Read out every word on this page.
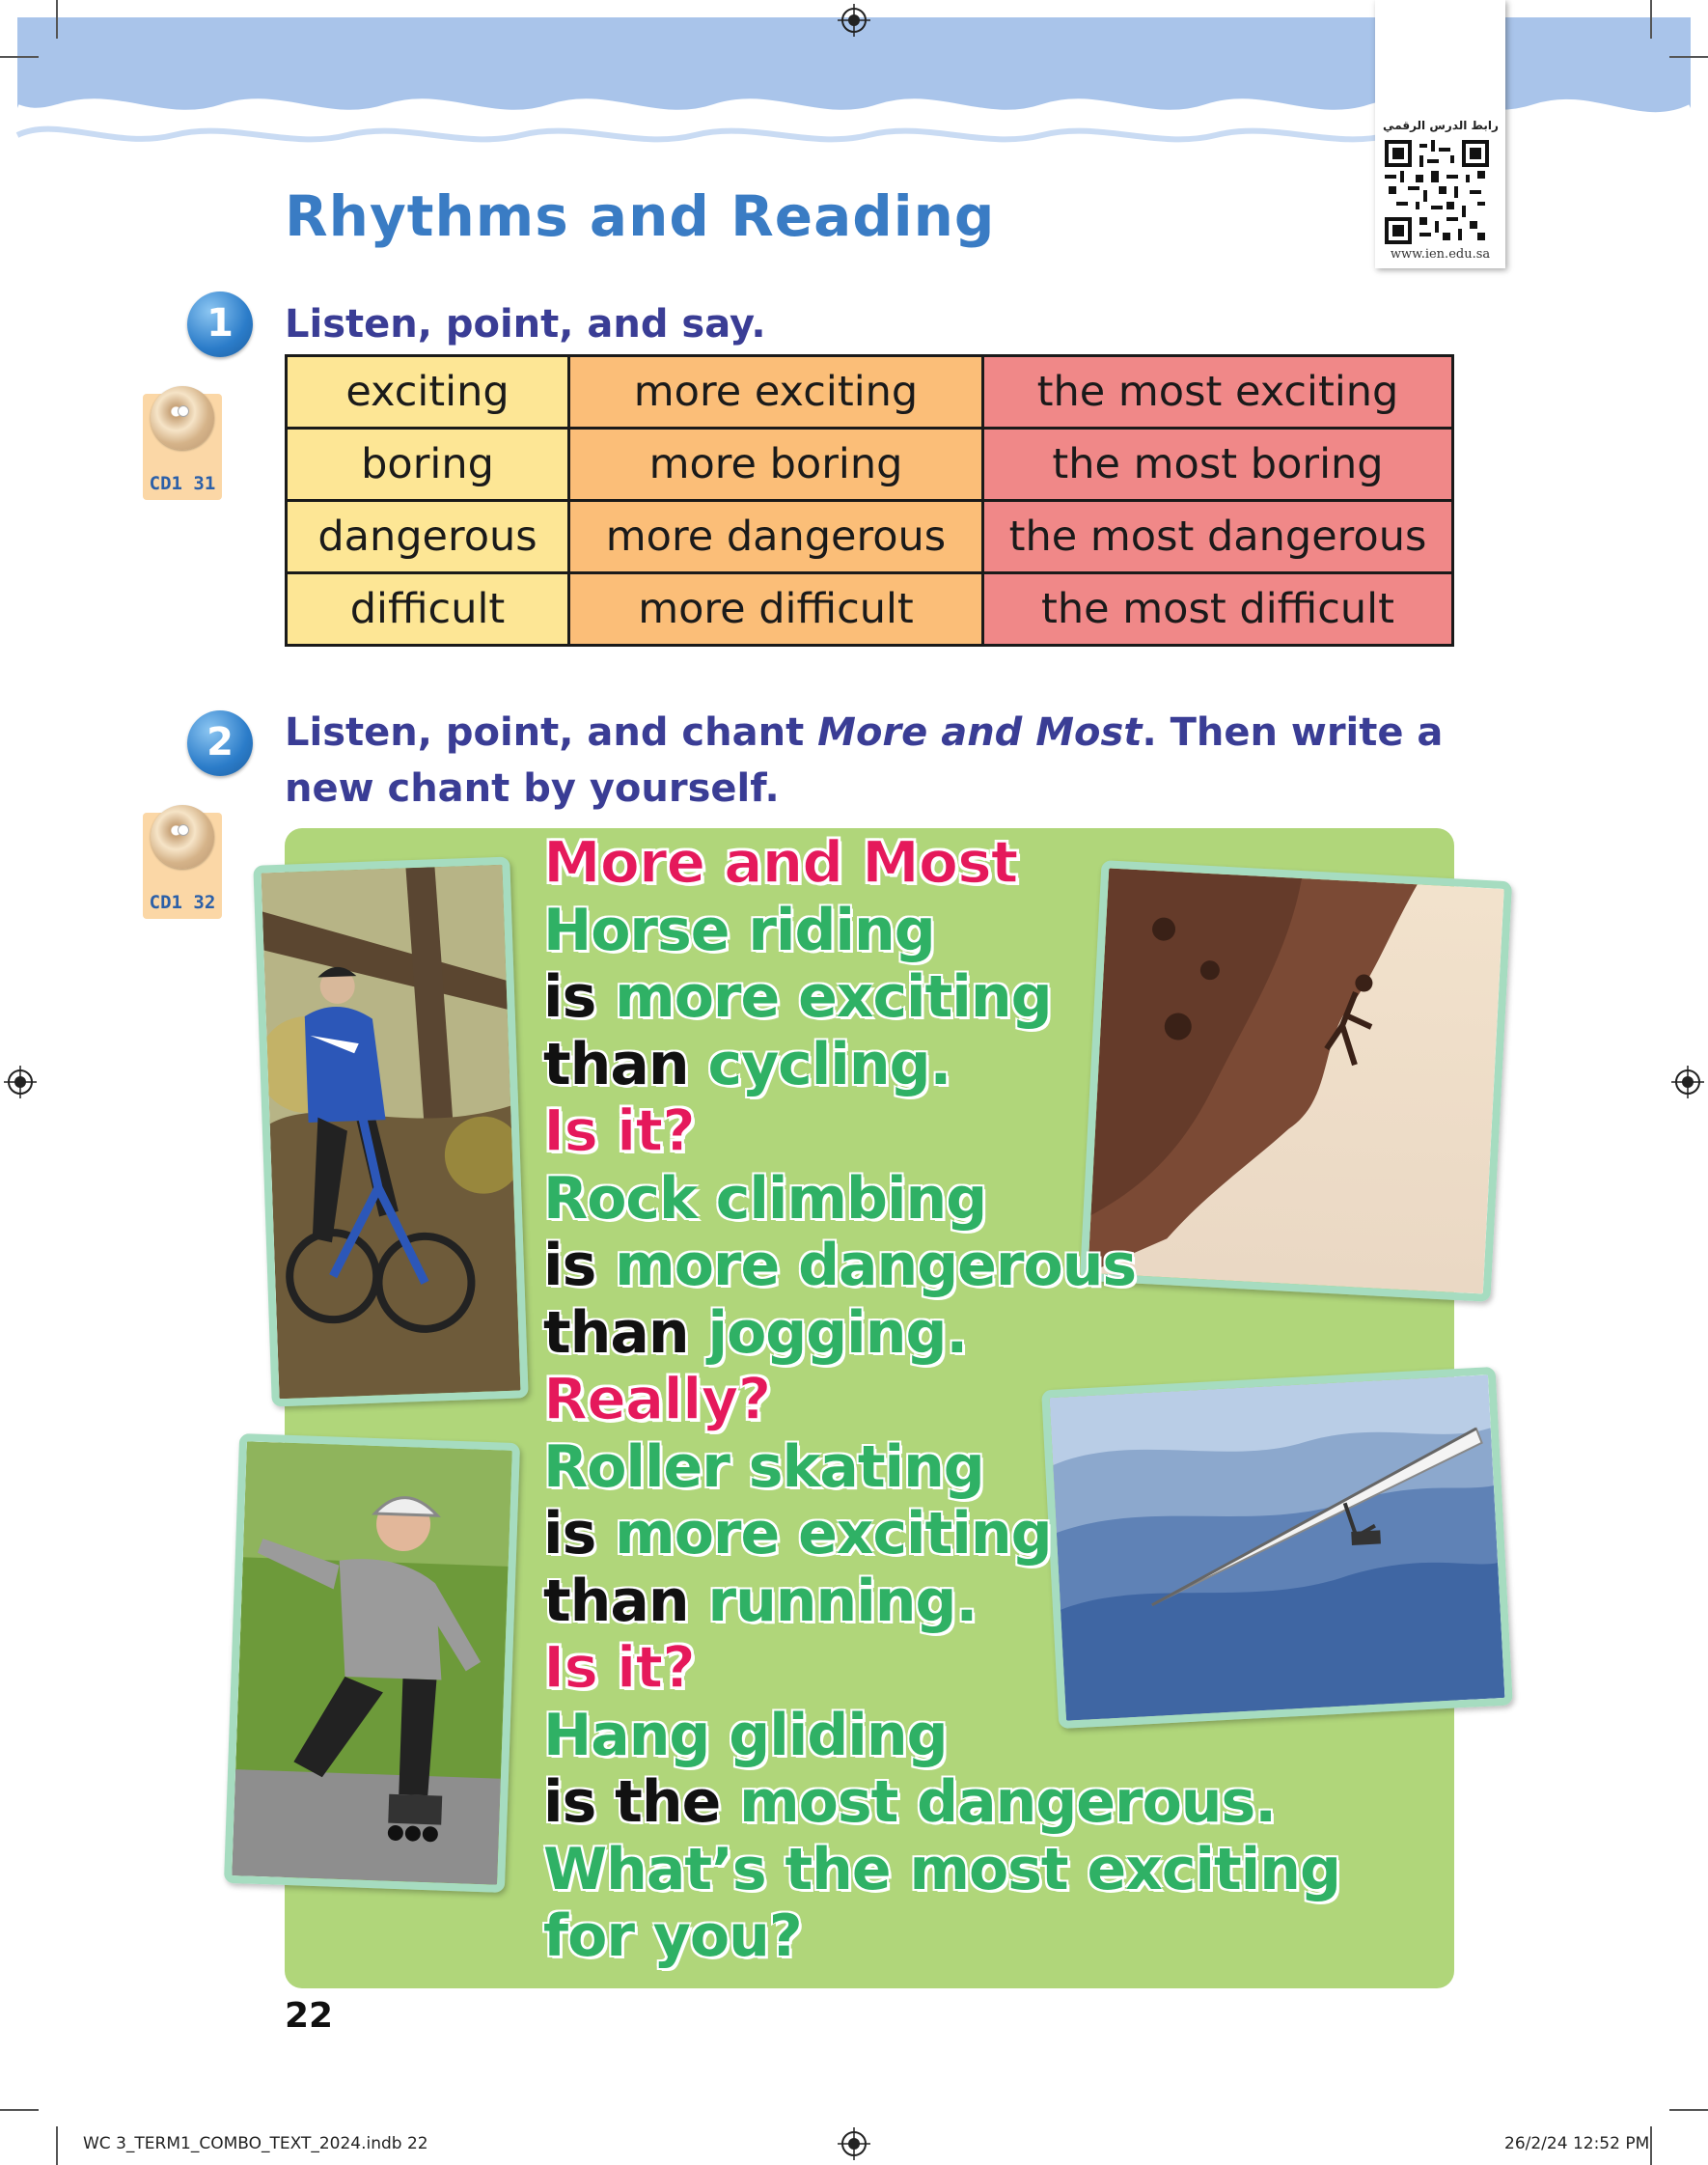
رابط الدرس الرقمي
www.ien.edu.sa
Rhythms and Reading
1	Listen, point, and say.
CD1 31
exciting	more exciting	the most exciting
boring	more boring	the most boring
dangerous	more dangerous	the most dangerous
difficult	more difficult	the most difficult
2	Listen, point, and chant More and Most. Then write a
new chant by yourself.
CD1 32
More and Most
Horse riding
is more exciting
than cycling.
Is it?
Rock climbing
is more dangerous
than jogging.
Really?
Roller skating
is more exciting
than running.
Is it?
Hang gliding
is the most dangerous.
What’s the most exciting
for you?
22
WC 3_TERM1_COMBO_TEXT_2024.indb 22	26/2/24 12:52 PM
